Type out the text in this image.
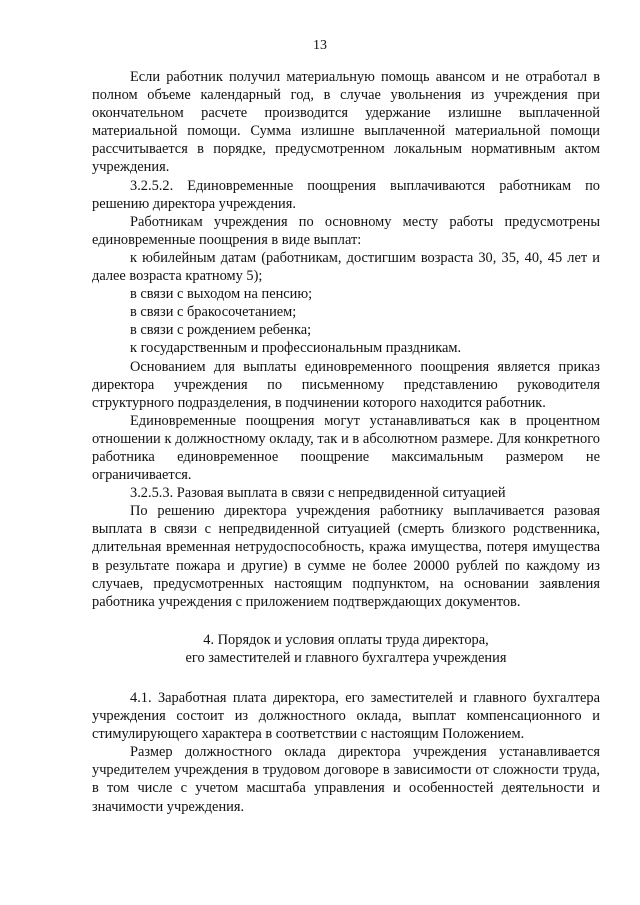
13

Если работник получил материальную помощь авансом и не отработал в полном объеме календарный год, в случае увольнения из учреждения при окончательном расчете производится удержание излишне выплаченной материальной помощи. Сумма излишне выплаченной материальной помощи рассчитывается в порядке, предусмотренном локальным нормативным актом учреждения.

3.2.5.2. Единовременные поощрения выплачиваются работникам по решению директора учреждения.

Работникам учреждения по основному месту работы предусмотрены единовременные поощрения в виде выплат:

к юбилейным датам (работникам, достигшим возраста 30, 35, 40, 45 лет и далее возраста кратному 5);

в связи с выходом на пенсию;

в связи с бракосочетанием;

в связи с рождением ребенка;

к государственным и профессиональным праздникам.

Основанием для выплаты единовременного поощрения является приказ директора учреждения по письменному представлению руководителя структурного подразделения, в подчинении которого находится работник.

Единовременные поощрения могут устанавливаться как в процентном отношении к должностному окладу, так и в абсолютном размере. Для конкретного работника единовременное поощрение максимальным размером не ограничивается.

3.2.5.3. Разовая выплата в связи с непредвиденной ситуацией

По решению директора учреждения работнику выплачивается разовая выплата в связи с непредвиденной ситуацией (смерть близкого родственника, длительная временная нетрудоспособность, кража имущества, потеря имущества в результате пожара и другие) в сумме не более 20000 рублей по каждому из случаев, предусмотренных настоящим подпунктом, на основании заявления работника учреждения с приложением подтверждающих документов.

4. Порядок и условия оплаты труда директора,
его заместителей и главного бухгалтера учреждения

4.1. Заработная плата директора, его заместителей и главного бухгалтера учреждения состоит из должностного оклада, выплат компенсационного и стимулирующего характера в соответствии с настоящим Положением.

Размер должностного оклада директора учреждения устанавливается учредителем учреждения в трудовом договоре в зависимости от сложности труда, в том числе с учетом масштаба управления и особенностей деятельности и значимости учреждения.
